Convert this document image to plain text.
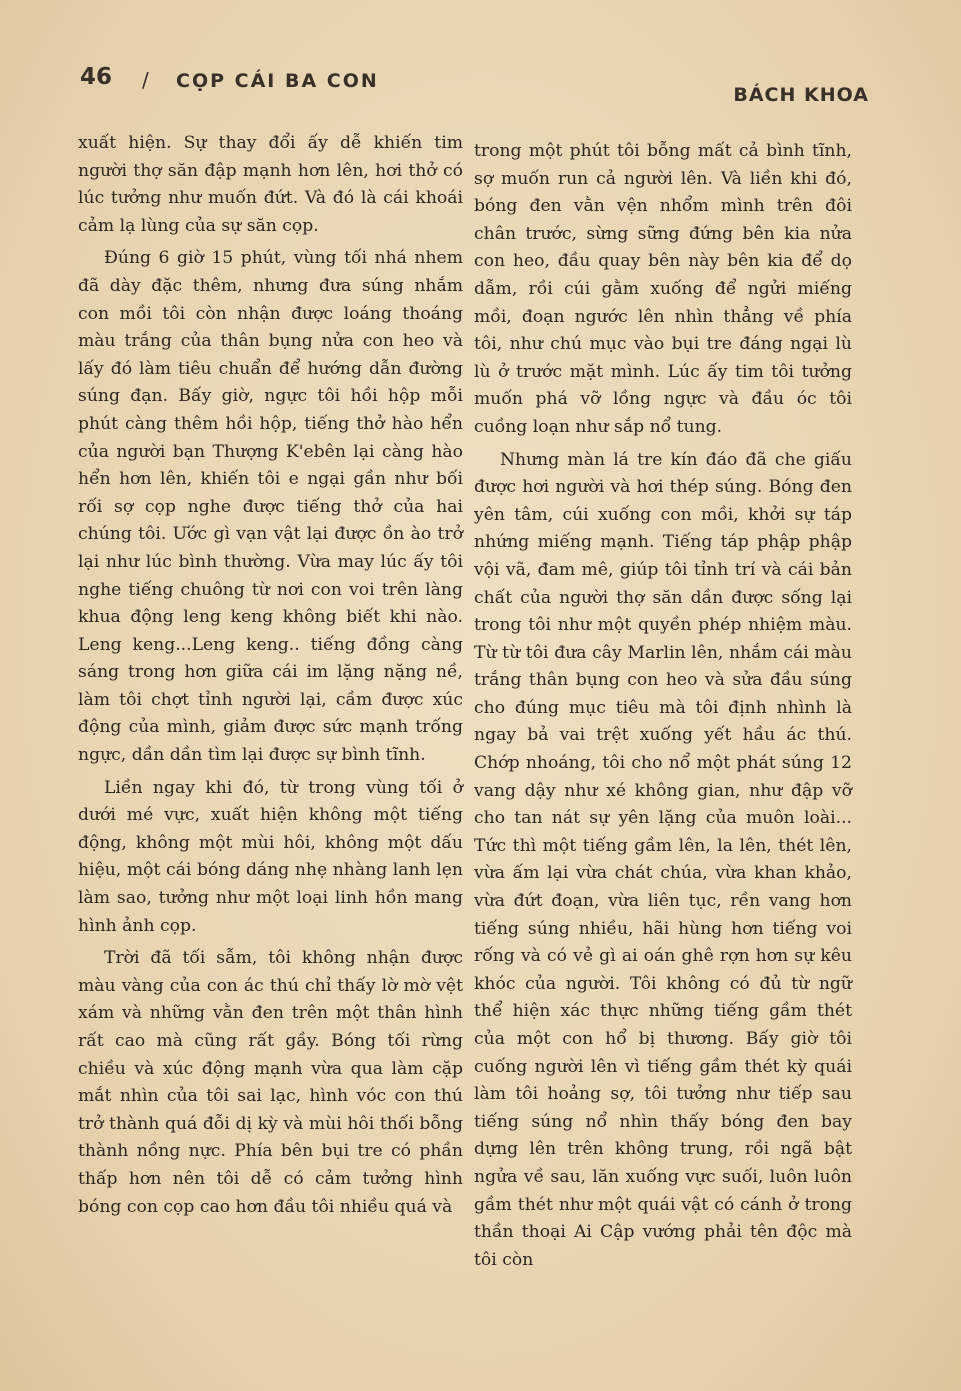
46 / CỌP CÁI BA CON
BÁCH KHOA

xuất hiện. Sự thay đổi ấy dễ khiến tim người thợ săn đập mạnh hơn lên, hơi thở có lúc tưởng như muốn đứt. Và đó là cái khoái cảm lạ lùng của sự săn cọp.

Đúng 6 giờ 15 phút, vùng tối nhá nhem đã dày đặc thêm, nhưng đưa súng nhắm con mồi tôi còn nhận được loáng thoáng màu trắng của thân bụng nửa con heo và lấy đó làm tiêu chuẩn để hướng dẫn đường súng đạn. Bấy giờ, ngực tôi hồi hộp mỗi phút càng thêm hồi hộp, tiếng thở hào hển của người bạn Thượng K'ebên lại càng hào hển hơn lên, khiến tôi e ngại gần như bối rối sợ cọp nghe được tiếng thở của hai chúng tôi. Ước gì vạn vật lại được ồn ào trở lại như lúc bình thường. Vừa may lúc ấy tôi nghe tiếng chuông từ nơi con voi trên làng khua động leng keng không biết khi nào. Leng keng...Leng keng.. tiếng đồng càng sáng trong hơn giữa cái im lặng nặng nề, làm tôi chợt tỉnh người lại, cầm được xúc động của mình, giảm được sức mạnh trống ngực, dần dần tìm lại được sự bình tĩnh.

Liền ngay khi đó, từ trong vùng tối ở dưới mé vực, xuất hiện không một tiếng động, không một mùi hôi, không một dấu hiệu, một cái bóng dáng nhẹ nhàng lanh lẹn làm sao, tưởng như một loại linh hồn mang hình ảnh cọp.

Trời đã tối sẫm, tôi không nhận được màu vàng của con ác thú chỉ thấy lờ mờ vệt xám và những vằn đen trên một thân hình rất cao mà cũng rất gầy. Bóng tối rừng chiều và xúc động mạnh vừa qua làm cặp mắt nhìn của tôi sai lạc, hình vóc con thú trở thành quá đỗi dị kỳ và mùi hôi thối bỗng thành nồng nực. Phía bên bụi tre có phần thấp hơn nên tôi dễ có cảm tưởng hình bóng con cọp cao hơn đầu tôi nhiều quá và

trong một phút tôi bỗng mất cả bình tĩnh, sợ muốn run cả người lên. Và liền khi đó, bóng đen vằn vện nhổm mình trên đôi chân trước, sừng sững đứng bên kia nửa con heo, đầu quay bên này bên kia để dọ dẫm, rồi cúi gằm xuống để ngửi miếng mồi, đoạn ngước lên nhìn thẳng về phía tôi, như chú mục vào bụi tre đáng ngại lù lù ở trước mặt mình. Lúc ấy tim tôi tưởng muốn phá vỡ lồng ngực và đầu óc tôi cuồng loạn như sắp nổ tung.

Nhưng màn lá tre kín đáo đã che giấu được hơi người và hơi thép súng. Bóng đen yên tâm, cúi xuống con mồi, khởi sự táp nhứng miếng mạnh. Tiếng táp phập phập vội vã, đam mê, giúp tôi tỉnh trí và cái bản chất của người thợ săn dần được sống lại trong tôi như một quyền phép nhiệm màu. Từ từ tôi đưa cây Marlin lên, nhắm cái màu trắng thân bụng con heo và sửa đầu súng cho đúng mục tiêu mà tôi định nhình là ngay bả vai trệt xuống yết hầu ác thú. Chớp nhoáng, tôi cho nổ một phát súng 12 vang dậy như xé không gian, như đập vỡ cho tan nát sự yên lặng của muôn loài... Tức thì một tiếng gầm lên, la lên, thét lên, vừa ấm lại vừa chát chúa, vừa khan khảo, vừa đứt đoạn, vừa liên tục, rền vang hơn tiếng súng nhiều, hãi hùng hơn tiếng voi rống và có vẻ gì ai oán ghê rợn hơn sự kêu khóc của người. Tôi không có đủ từ ngữ thể hiện xác thực những tiếng gầm thét của một con hổ bị thương. Bấy giờ tôi cuống người lên vì tiếng gầm thét kỳ quái làm tôi hoảng sợ, tôi tưởng như tiếp sau tiếng súng nổ nhìn thấy bóng đen bay dựng lên trên không trung, rồi ngã bật ngửa về sau, lăn xuống vực suối, luôn luôn gầm thét như một quái vật có cánh ở trong thần thoại Ai Cập vướng phải tên độc mà tôi còn
